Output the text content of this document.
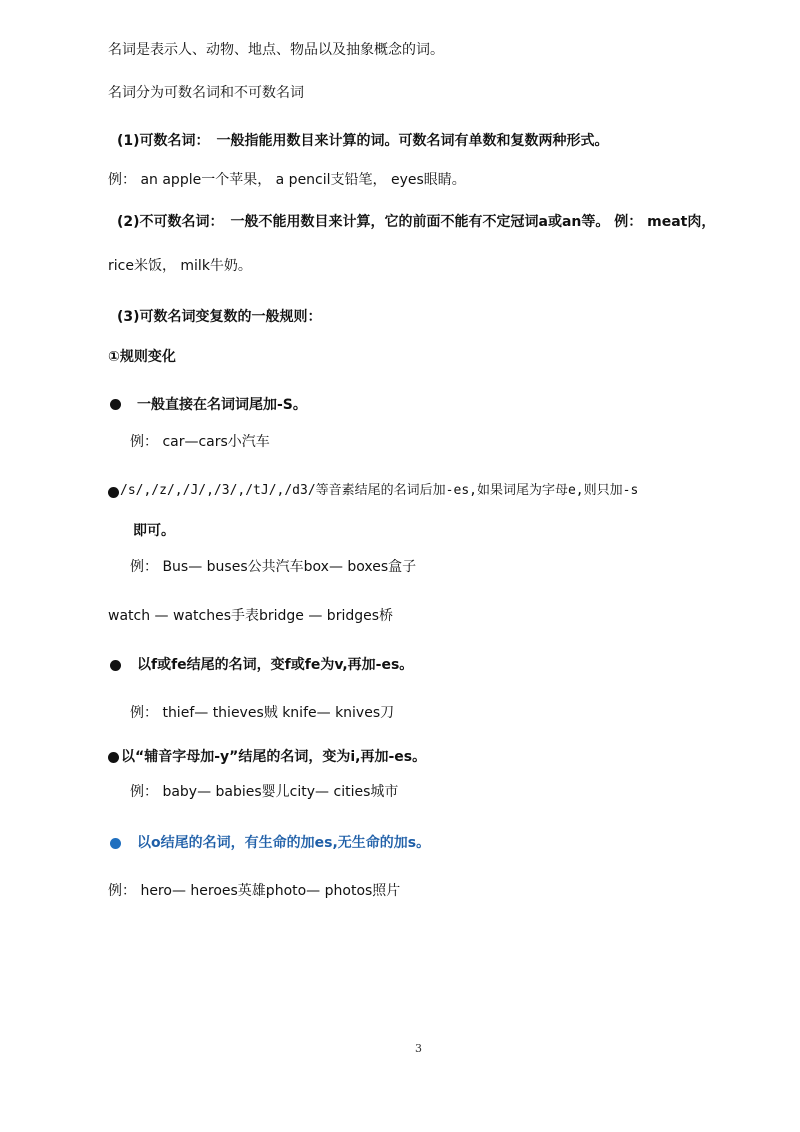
名词是表示人、动物、地点、物品以及抽象概念的词。
名词分为可数名词和不可数名词
(1)可数名词：　一般指能用数目来计算的词。可数名词有单数和复数两种形式。
例： an apple一个苹果， a pencil支铅笔， eyes眼睛。
(2)不可数名词：　一般不能用数目来计算，它的前面不能有不定冠词a或an等。 例： meat肉，
rice米饭， milk牛奶。
(3)可数名词变复数的一般规则：
①规则变化
一般直接在名词词尾加-S。
例： car—cars小汽车
/s/,/z/,/J/,/3/,/tJ/,/d3/等音素结尾的名词后加-es,如果词尾为字母e,则只加-s
即可。
例： Bus— buses公共汽车box— boxes盒子
watch — watches手表bridge — bridges桥
以f或fe结尾的名词，变f或fe为v,再加-es。
例： thief— thieves贼 knife— knives刀
以“辅音字母加-y”结尾的名词，变为i,再加-es。
例： baby— babies婴儿city— cities城市
以o结尾的名词，有生命的加es,无生命的加s。
例： hero— heroes英雄photo— photos照片
3
